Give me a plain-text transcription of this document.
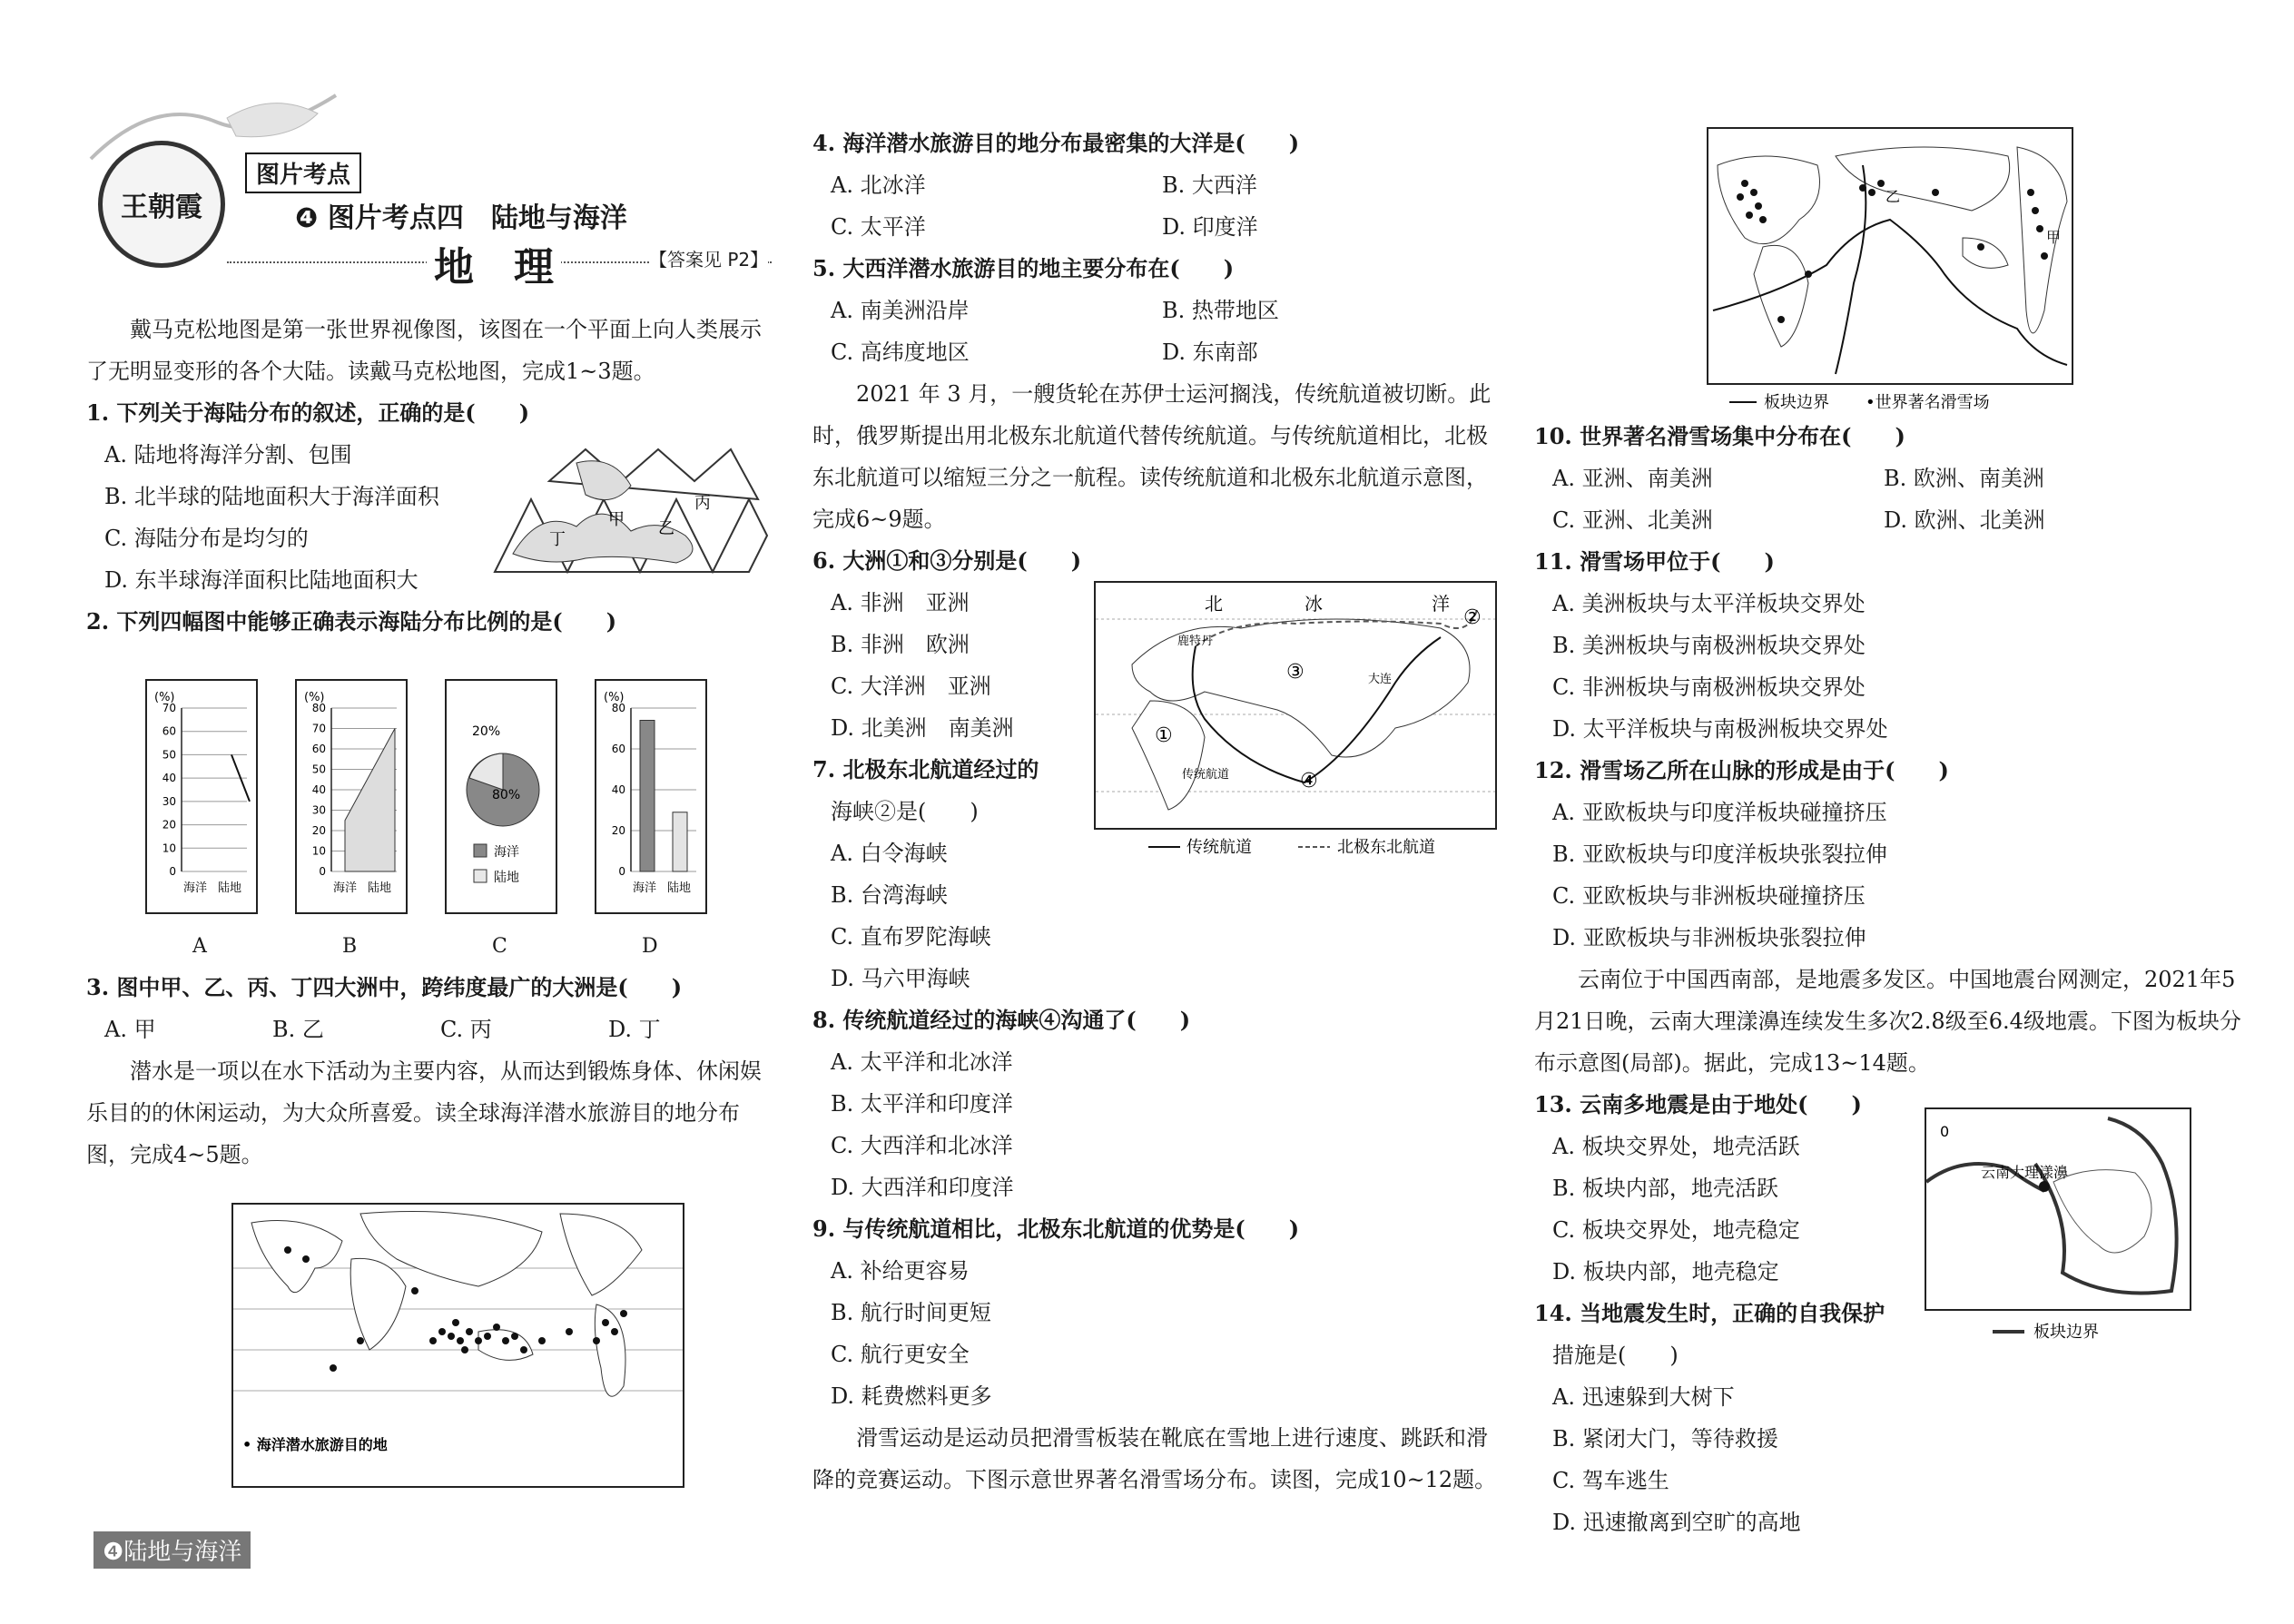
王朝霞
图片考点
❹ 图片考点四　陆地与海洋
地　理	【答案见 P2】

戴马克松地图是第一张世界视像图，该图在一个平面上向人类展示了无明显变形的各个大陆。读戴马克松地图，完成1~3题。

1. 下列关于海陆分布的叙述，正确的是(　　)

A. 陆地将海洋分割、包围

B. 北半球的陆地面积大于海洋面积

C. 海陆分布是均匀的

D. 东半球海洋面积比陆地面积大

2. 下列四幅图中能够正确表示海陆分布比例的是(　　)

甲 乙
丙
丁
(%)
70
60
50
40
30
20
10
0
海洋 陆地
(%)
80
70
60
50
40
30
20
10
0
海洋 陆地
20%
80%
海洋
陆地
(%)
80
60
40
20
0
海洋 陆地
A	B	C	D

3. 图中甲、乙、丙、丁四大洲中，跨纬度最广的大洲是(　　)

A. 甲	B. 乙	C. 丙	D. 丁

潜水是一项以在水下活动为主要内容，从而达到锻炼身体、休闲娱乐目的的休闲运动，为大众所喜爱。读全球海洋潜水旅游目的地分布图，完成4~5题。

• 海洋潜水旅游目的地

4. 海洋潜水旅游目的地分布最密集的大洋是(　　)

A. 北冰洋	B. 大西洋
C. 太平洋	D. 印度洋

5. 大西洋潜水旅游目的地主要分布在(　　)

A. 南美洲沿岸	B. 热带地区
C. 高纬度地区	D. 东南部

2021 年 3 月，一艘货轮在苏伊士运河搁浅，传统航道被切断。此时，俄罗斯提出用北极东北航道代替传统航道。与传统航道相比，北极东北航道可以缩短三分之一航程。读传统航道和北极东北航道示意图，完成6~9题。

6. 大洲①和③分别是(　　)

A. 非洲　亚洲

B. 非洲　欧洲

C. 大洋洲　亚洲

D. 北美洲　南美洲

7. 北极东北航道经过的

海峡②是(　　)

A. 白令海峡

B. 台湾海峡

C. 直布罗陀海峡

D. 马六甲海峡

8. 传统航道经过的海峡④沟通了(　　)

A. 太平洋和北冰洋

B. 太平洋和印度洋

C. 大西洋和北冰洋

D. 大西洋和印度洋

9. 与传统航道相比，北极东北航道的优势是(　　)

A. 补给更容易

B. 航行时间更短

C. 航行更安全

D. 耗费燃料更多

滑雪运动是运动员把滑雪板装在靴底在雪地上进行速度、跳跃和滑降的竞赛运动。下图示意世界著名滑雪场分布。读图，完成10~12题。

北	冰	洋
鹿特丹
①
②
③
④
大连
传统航道
传统航道	北极东北航道
甲
乙
板块边界 •世界著名滑雪场

10. 世界著名滑雪场集中分布在(　　)

A. 亚洲、南美洲	B. 欧洲、南美洲
C. 亚洲、北美洲	D. 欧洲、北美洲

11. 滑雪场甲位于(　　)

A. 美洲板块与太平洋板块交界处

B. 美洲板块与南极洲板块交界处

C. 非洲板块与南极洲板块交界处

D. 太平洋板块与南极洲板块交界处

12. 滑雪场乙所在山脉的形成是由于(　　)

A. 亚欧板块与印度洋板块碰撞挤压

B. 亚欧板块与印度洋板块张裂拉伸

C. 亚欧板块与非洲板块碰撞挤压

D. 亚欧板块与非洲板块张裂拉伸

云南位于中国西南部，是地震多发区。中国地震台网测定，2021年5月21日晚，云南大理漾濞连续发生多次2.8级至6.4级地震。下图为板块分布示意图(局部)。据此，完成13~14题。

13. 云南多地震是由于地处(　　)

A. 板块交界处，地壳活跃

B. 板块内部，地壳活跃

C. 板块交界处，地壳稳定

D. 板块内部，地壳稳定

14. 当地震发生时，正确的自我保护

措施是(　　)

A. 迅速躲到大树下

B. 紧闭大门，等待救援

C. 驾车逃生

D. 迅速撤离到空旷的高地

0
云南大理漾濞
板块边界
❹陆地与海洋
